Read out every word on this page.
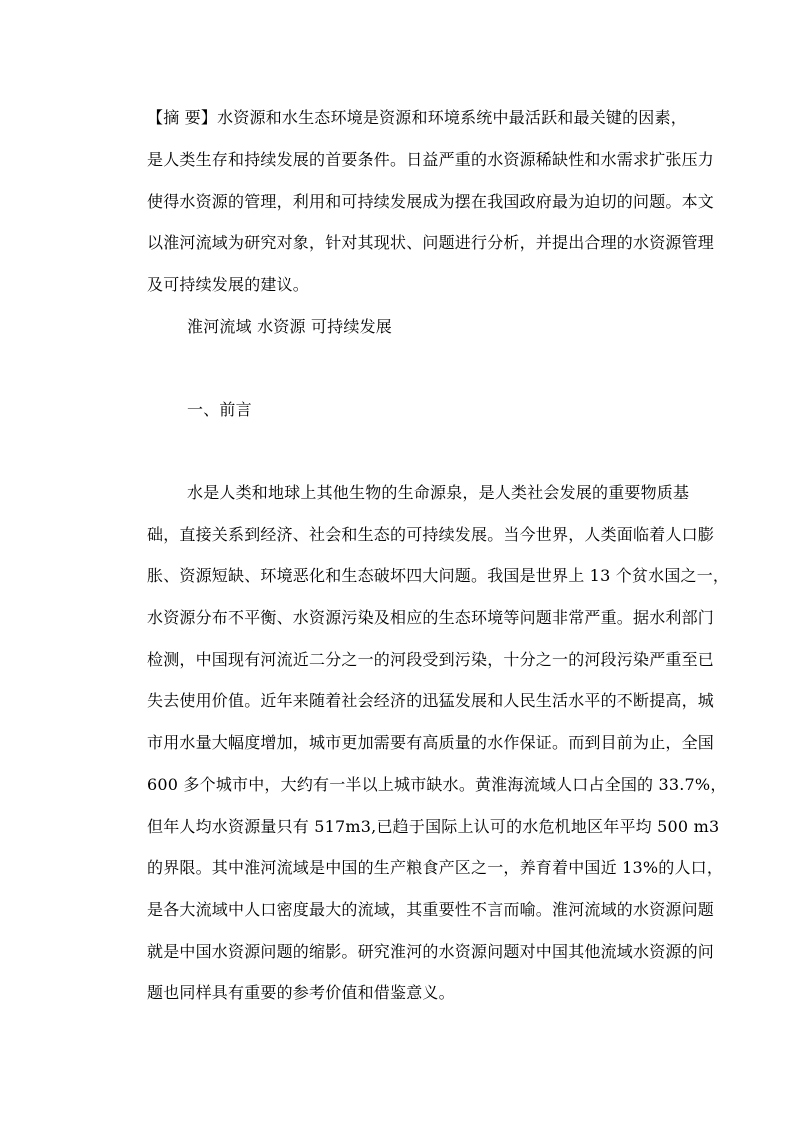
【摘 要】水资源和水生态环境是资源和环境系统中最活跃和最关键的因素，
是人类生存和持续发展的首要条件。日益严重的水资源稀缺性和水需求扩张压力
使得水资源的管理，利用和可持续发展成为摆在我国政府最为迫切的问题。本文
以淮河流域为研究对象，针对其现状、问题进行分析，并提出合理的水资源管理
及可持续发展的建议。
淮河流域 水资源 可持续发展
一、前言
水是人类和地球上其他生物的生命源泉，是人类社会发展的重要物质基
础，直接关系到经济、社会和生态的可持续发展。当今世界，人类面临着人口膨
胀、资源短缺、环境恶化和生态破坏四大问题。我国是世界上 13 个贫水国之一，
水资源分布不平衡、水资源污染及相应的生态环境等问题非常严重。据水利部门
检测，中国现有河流近二分之一的河段受到污染，十分之一的河段污染严重至已
失去使用价值。近年来随着社会经济的迅猛发展和人民生活水平的不断提高，城
市用水量大幅度增加，城市更加需要有高质量的水作保证。而到目前为止，全国
600 多个城市中，大约有一半以上城市缺水。黄淮海流域人口占全国的 33.7%，
但年人均水资源量只有 517m3,已趋于国际上认可的水危机地区年平均 500 m3
的界限。其中淮河流域是中国的生产粮食产区之一，养育着中国近 13%的人口，
是各大流域中人口密度最大的流域，其重要性不言而喻。淮河流域的水资源问题
就是中国水资源问题的缩影。研究淮河的水资源问题对中国其他流域水资源的问
题也同样具有重要的参考价值和借鉴意义。
